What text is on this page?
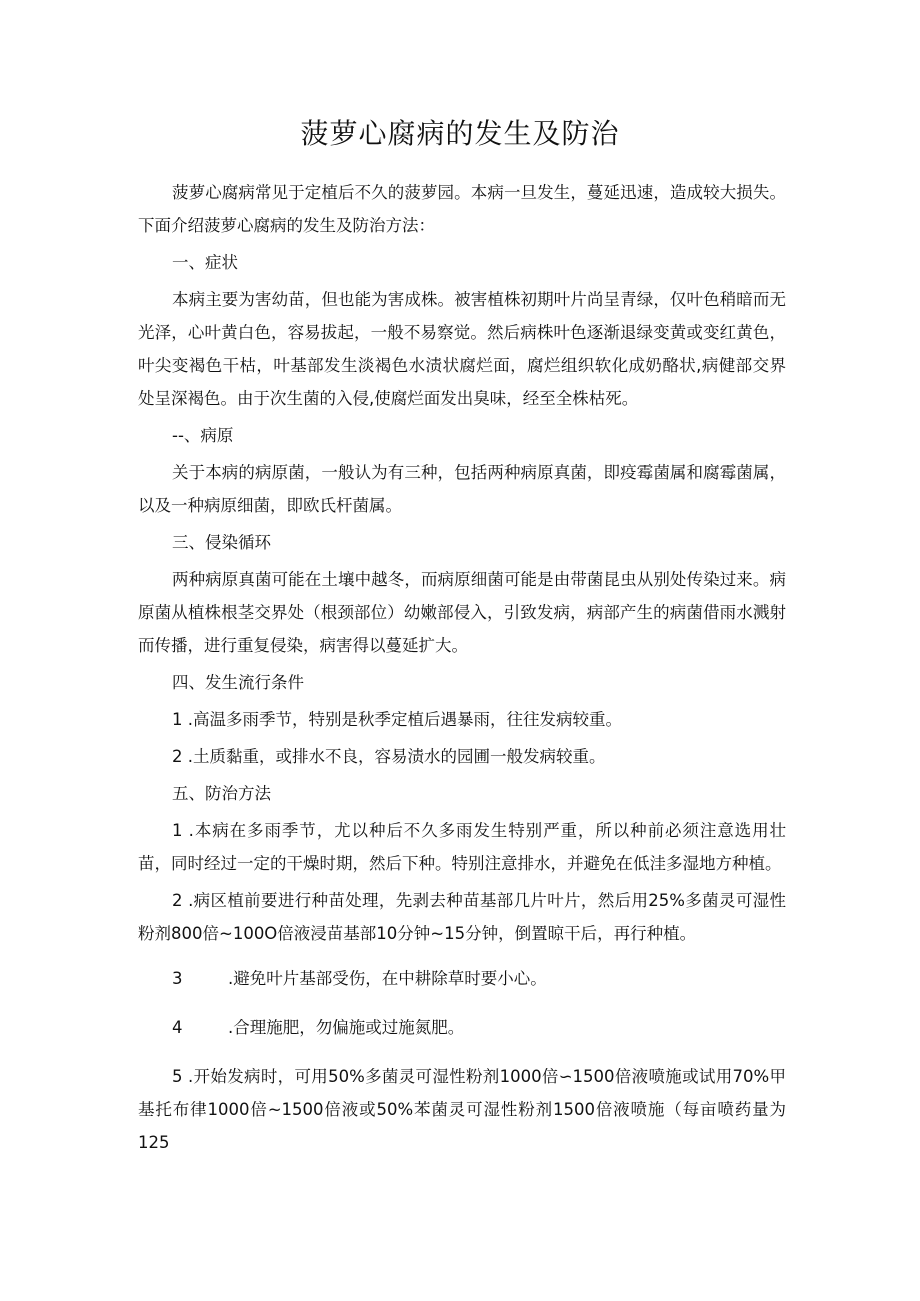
菠萝心腐病的发生及防治

菠萝心腐病常见于定植后不久的菠萝园。本病一旦发生，蔓延迅速，造成较大损失。下面介绍菠萝心腐病的发生及防治方法：

一、症状

本病主要为害幼苗，但也能为害成株。被害植株初期叶片尚呈青绿，仅叶色稍暗而无光泽，心叶黄白色，容易拔起，一般不易察觉。然后病株叶色逐渐退绿变黄或变红黄色，叶尖变褐色干枯，叶基部发生淡褐色水渍状腐烂面，腐烂组织软化成奶酪状,病健部交界处呈深褐色。由于次生菌的入侵,使腐烂面发出臭味，经至全株枯死。

--、病原

关于本病的病原菌，一般认为有三种，包括两种病原真菌，即疫霉菌属和腐霉菌属，以及一种病原细菌，即欧氏杆菌属。

三、侵染循环

两种病原真菌可能在土壤中越冬，而病原细菌可能是由带菌昆虫从别处传染过来。病原菌从植株根茎交界处（根颈部位）幼嫩部侵入，引致发病，病部产生的病菌借雨水溅射而传播，进行重复侵染，病害得以蔓延扩大。

四、发生流行条件

1 .高温多雨季节，特别是秋季定植后遇暴雨，往往发病较重。

2 .土质黏重，或排水不良，容易渍水的园圃一般发病较重。

五、防治方法

1 .本病在多雨季节，尤以种后不久多雨发生特别严重，所以种前必须注意选用壮苗，同时经过一定的干燥时期，然后下种。特别注意排水，并避免在低洼多湿地方种植。

2 .病区植前要进行种苗处理，先剥去种苗基部几片叶片，然后用25%多菌灵可湿性粉剂800倍~100O倍液浸苗基部10分钟~15分钟，倒置晾干后，再行种植。

3	.避免叶片基部受伤，在中耕除草时要小心。
4	.合理施肥，勿偏施或过施氮肥。

5 .开始发病时，可用50%多菌灵可湿性粉剂1000倍∽1500倍液喷施或试用70%甲基托布律1000倍~1500倍液或50%苯菌灵可湿性粉剂1500倍液喷施（每亩喷药量为125
